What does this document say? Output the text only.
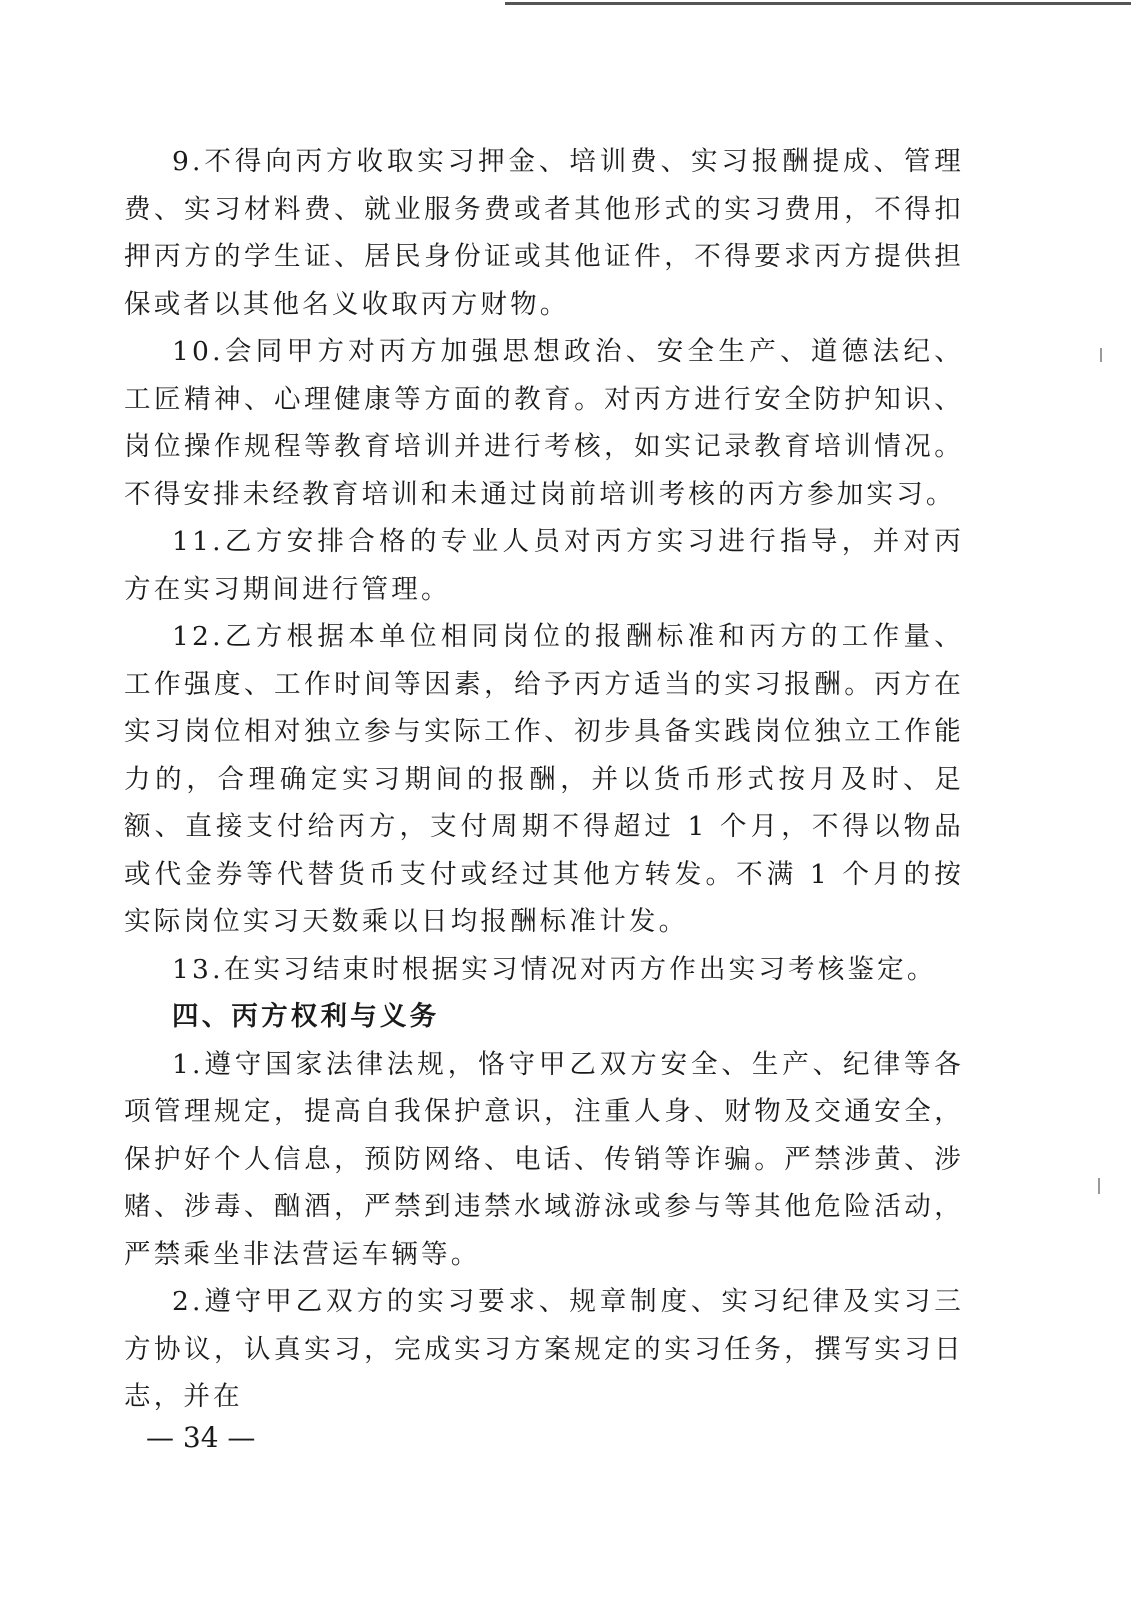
9.不得向丙方收取实习押金、培训费、实习报酬提成、管理费、实习材料费、就业服务费或者其他形式的实习费用，不得扣押丙方的学生证、居民身份证或其他证件，不得要求丙方提供担保或者以其他名义收取丙方财物。

10.会同甲方对丙方加强思想政治、安全生产、道德法纪、工匠精神、心理健康等方面的教育。对丙方进行安全防护知识、岗位操作规程等教育培训并进行考核，如实记录教育培训情况。不得安排未经教育培训和未通过岗前培训考核的丙方参加实习。

11.乙方安排合格的专业人员对丙方实习进行指导，并对丙方在实习期间进行管理。

12.乙方根据本单位相同岗位的报酬标准和丙方的工作量、工作强度、工作时间等因素，给予丙方适当的实习报酬。丙方在实习岗位相对独立参与实际工作、初步具备实践岗位独立工作能力的，合理确定实习期间的报酬，并以货币形式按月及时、足额、直接支付给丙方，支付周期不得超过 1 个月，不得以物品或代金券等代替货币支付或经过其他方转发。不满 1 个月的按实际岗位实习天数乘以日均报酬标准计发。

13.在实习结束时根据实习情况对丙方作出实习考核鉴定。

四、丙方权利与义务

1.遵守国家法律法规，恪守甲乙双方安全、生产、纪律等各项管理规定，提高自我保护意识，注重人身、财物及交通安全，保护好个人信息，预防网络、电话、传销等诈骗。严禁涉黄、涉赌、涉毒、酗酒，严禁到违禁水域游泳或参与等其他危险活动，严禁乘坐非法营运车辆等。

2.遵守甲乙双方的实习要求、规章制度、实习纪律及实习三方协议，认真实习，完成实习方案规定的实习任务，撰写实习日志，并在

— 34 —
